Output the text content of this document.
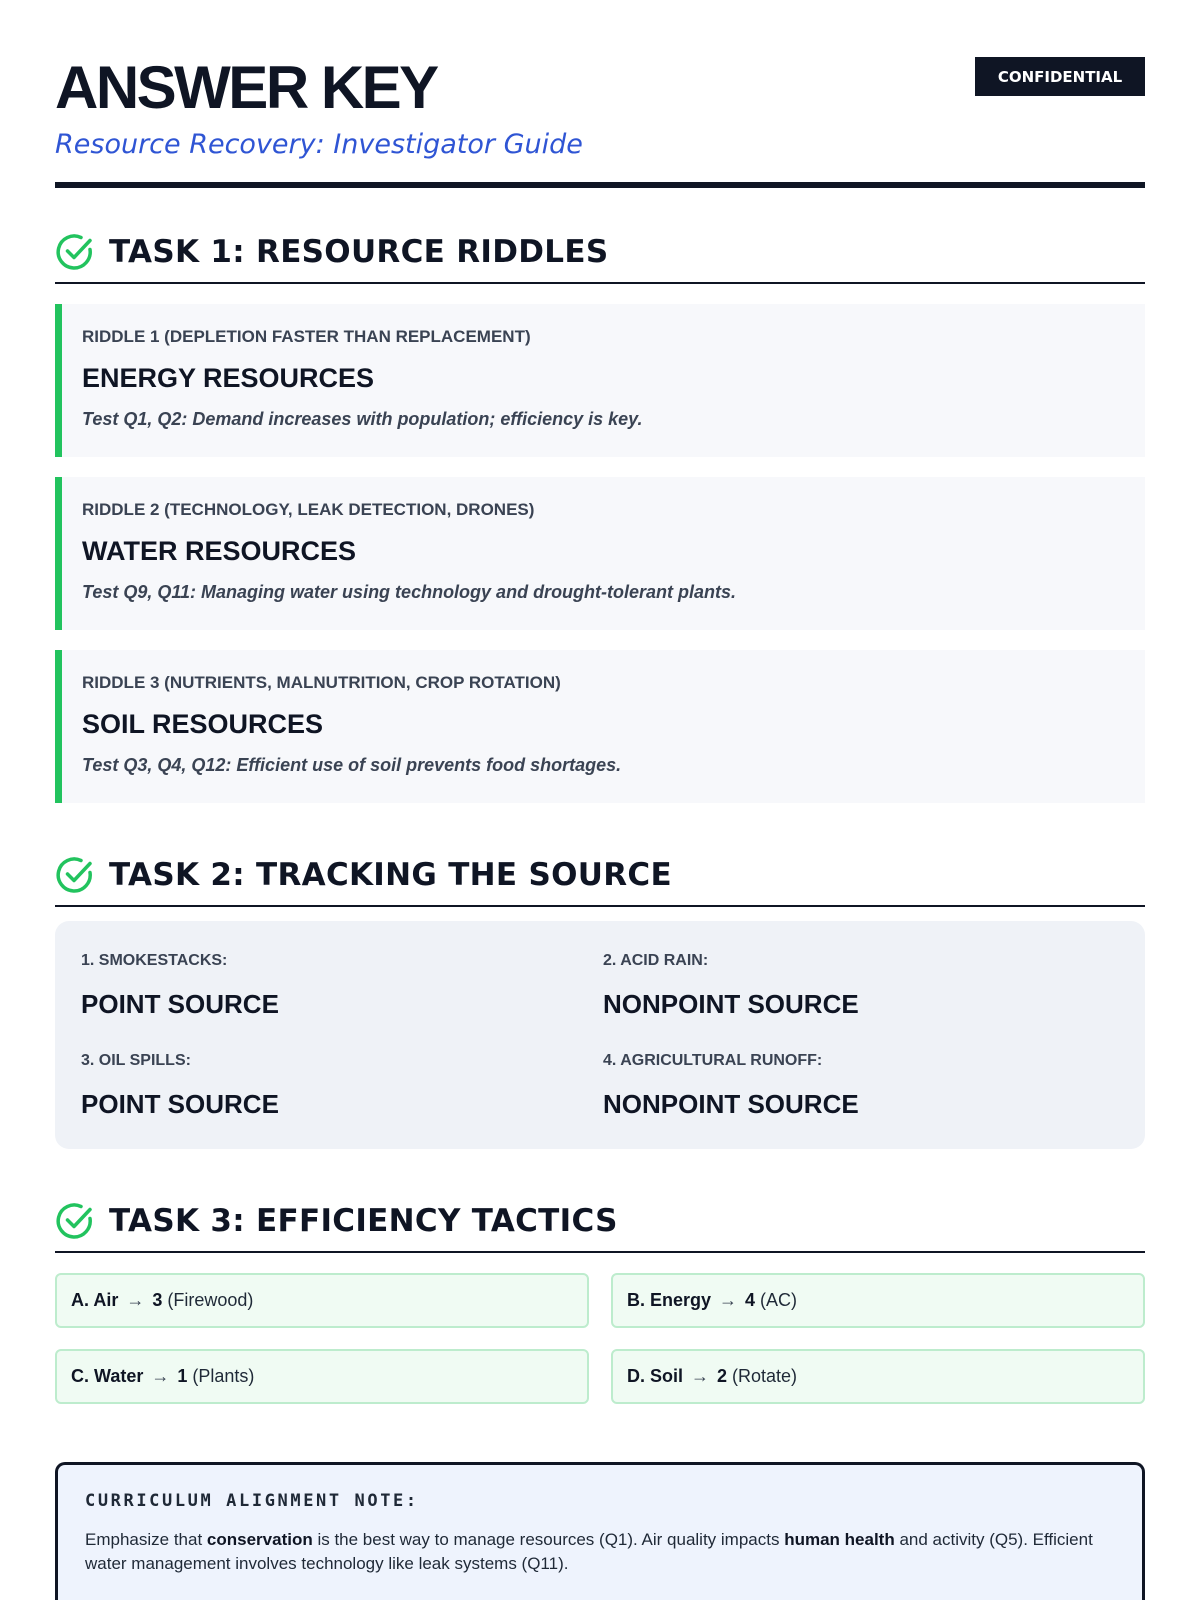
ANSWER KEY
Resource Recovery: Investigator Guide
CONFIDENTIAL
TASK 1: RESOURCE RIDDLES
RIDDLE 1 (DEPLETION FASTER THAN REPLACEMENT)
ENERGY RESOURCES
Test Q1, Q2: Demand increases with population; efficiency is key.
RIDDLE 2 (TECHNOLOGY, LEAK DETECTION, DRONES)
WATER RESOURCES
Test Q9, Q11: Managing water using technology and drought-tolerant plants.
RIDDLE 3 (NUTRIENTS, MALNUTRITION, CROP ROTATION)
SOIL RESOURCES
Test Q3, Q4, Q12: Efficient use of soil prevents food shortages.
TASK 2: TRACKING THE SOURCE
1. SMOKESTACKS:
POINT SOURCE
2. ACID RAIN:
NONPOINT SOURCE
3. OIL SPILLS:
POINT SOURCE
4. AGRICULTURAL RUNOFF:
NONPOINT SOURCE
TASK 3: EFFICIENCY TACTICS
A. Air → 3 (Firewood)	B. Energy → 4 (AC)
C. Water → 1 (Plants)	D. Soil → 2 (Rotate)
CURRICULUM ALIGNMENT NOTE:
Emphasize that conservation is the best way to manage resources (Q1). Air quality impacts human health and activity (Q5). Efficient water management involves technology like leak systems (Q11).
